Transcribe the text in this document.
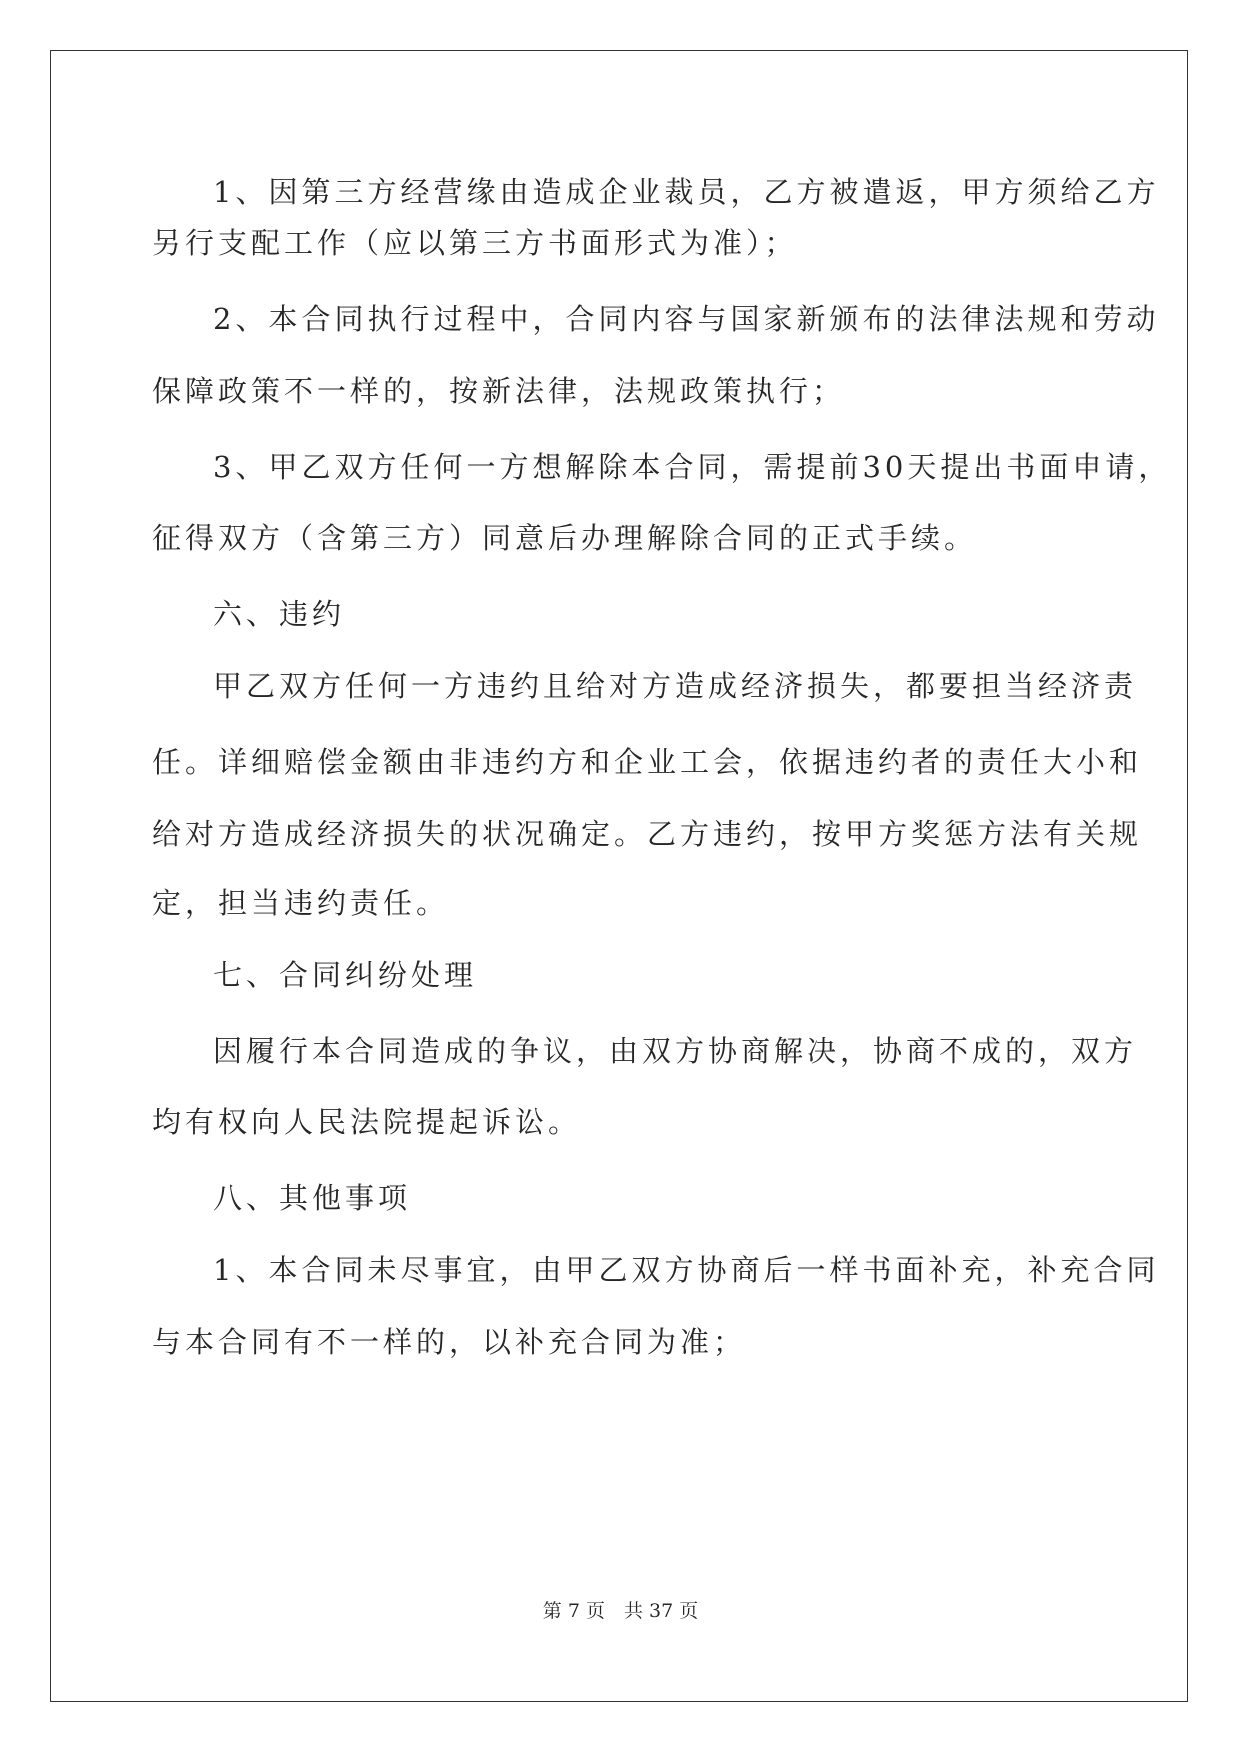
1、因第三方经营缘由造成企业裁员，乙方被遣返，甲方须给乙方
另行支配工作（应以第三方书面形式为准）；
2、本合同执行过程中，合同内容与国家新颁布的法律法规和劳动
保障政策不一样的，按新法律，法规政策执行；
3、甲乙双方任何一方想解除本合同，需提前30天提出书面申请，
征得双方（含第三方）同意后办理解除合同的正式手续。
六、违约
甲乙双方任何一方违约且给对方造成经济损失，都要担当经济责
任。详细赔偿金额由非违约方和企业工会，依据违约者的责任大小和
给对方造成经济损失的状况确定。乙方违约，按甲方奖惩方法有关规
定，担当违约责任。
七、合同纠纷处理
因履行本合同造成的争议，由双方协商解决，协商不成的，双方
均有权向人民法院提起诉讼。
八、其他事项
1、本合同未尽事宜，由甲乙双方协商后一样书面补充，补充合同
与本合同有不一样的，以补充合同为准；
第 7 页　共 37 页
